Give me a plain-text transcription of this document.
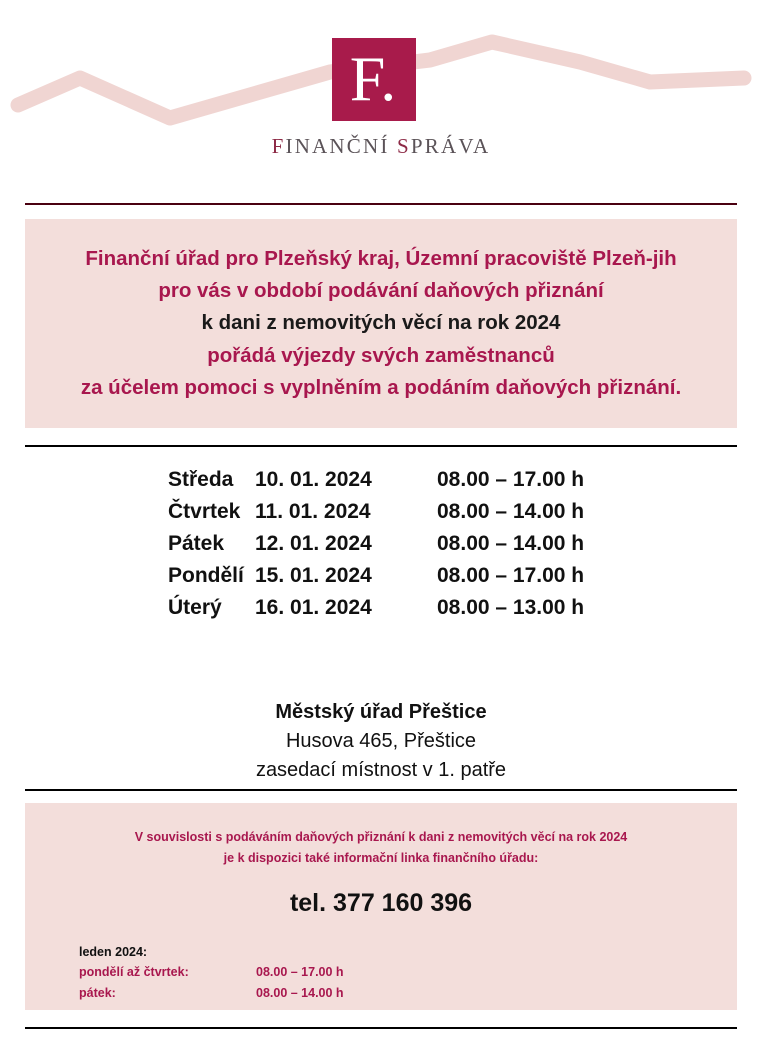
F.
FINANČNÍ SPRÁVA
Finanční úřad pro Plzeňský kraj, Územní pracoviště Plzeň-jih
pro vás v období podávání daňových přiznání
k dani z nemovitých věcí na rok 2024
pořádá výjezdy svých zaměstnanců
za účelem pomoci s vyplněním a podáním daňových přiznání.
Středa	10. 01. 2024	08.00 – 17.00 h
Čtvrtek 11. 01. 2024	08.00 – 14.00 h
Pátek	12. 01. 2024	08.00 – 14.00 h
Pondělí 15. 01. 2024	08.00 – 17.00 h
Úterý	16. 01. 2024	08.00 – 13.00 h
Městský úřad Přeštice
Husova 465, Přeštice
zasedací místnost v 1. patře
V souvislosti s podáváním daňových přiznání k dani z nemovitých věcí na rok 2024
je k dispozici také informační linka finančního úřadu:
tel. 377 160 396
leden 2024:
pondělí až čtvrtek:	08.00 – 17.00 h
pátek:	08.00 – 14.00 h
